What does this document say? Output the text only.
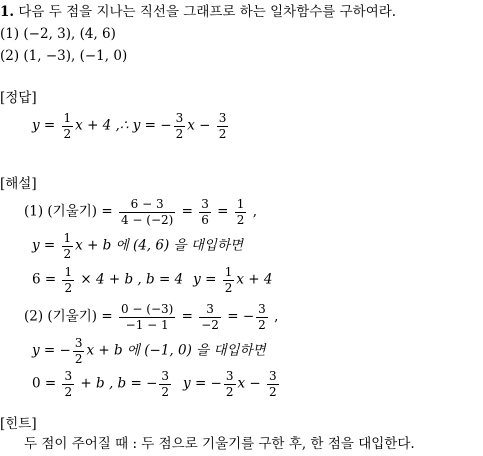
1. 다음 두 점을 지나는 직선을 그래프로 하는 일차함수를 구하여라.
(1) (−2, 3), (4, 6)
(2) (1, −3), (−1, 0)
[정답]
$y = \frac{1}{2}$ x + 4 ,∴ y = − $\frac{3}{2}$ $x - \frac{3}{2}$
[해설]
(1) (기울기) = $\frac{6 - 3}{4 - (-2)} = \frac{3}{6} = \frac{1}{2}$ ,
$y = \frac{1}{2}$ x + b 에 (4, 6) 을 대입하면
$6 = \frac{1}{2} \times 4 + b$ , b = 4 $y = \frac{1}{2}$ x + 4
(2) (기울기) = $\frac{0 - (-3)}{-1 - 1} = \frac{3}{-2}$ = − $\frac{3}{2}$ ,
y = − $\frac{3}{2}$ x + b 에 (−1, 0) 을 대입하면
$0 = \frac{3}{2} + b$ , b = − $\frac{3}{2}$ y = − $\frac{3}{2}$ $x - \frac{3}{2}$
[힌트]
두 점이 주어질 때 : 두 점으로 기울기를 구한 후, 한 점을 대입한다.
